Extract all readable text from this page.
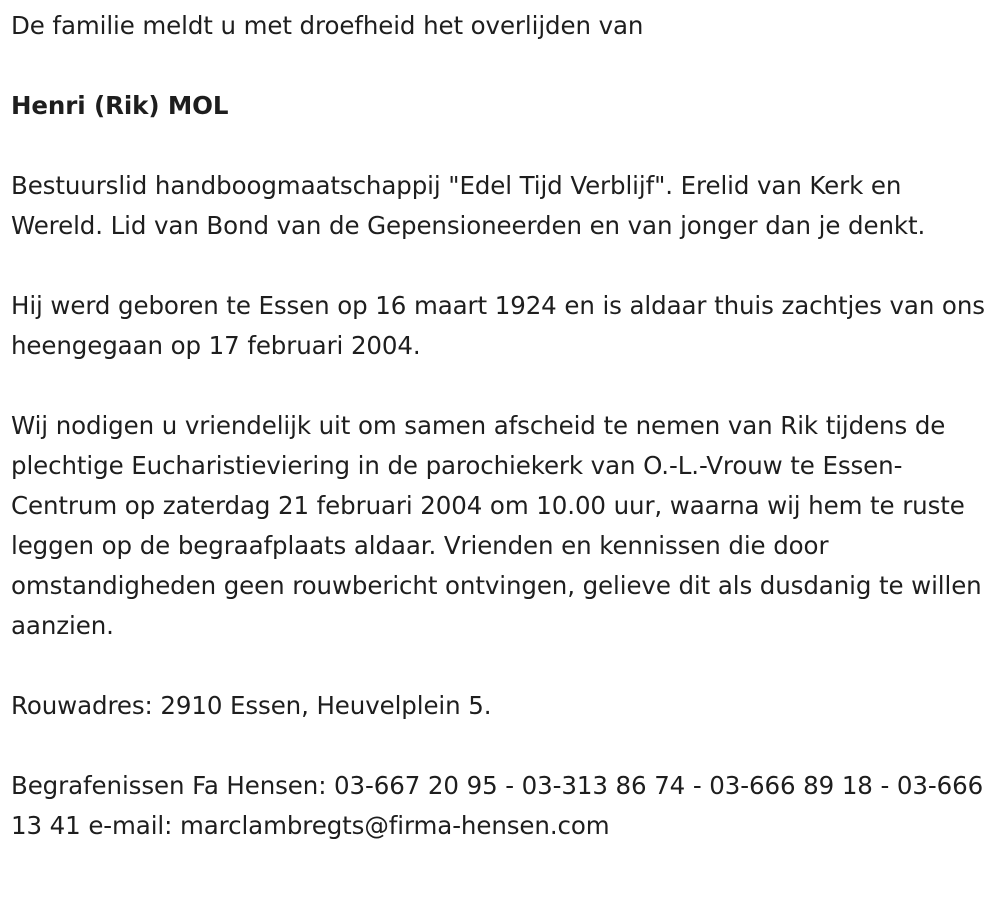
De familie meldt u met droefheid het overlijden van

Henri (Rik) MOL

Bestuurslid handboogmaatschappij "Edel Tijd Verblijf". Erelid van Kerk en Wereld. Lid van Bond van de Gepensioneerden en van jonger dan je denkt.

Hij werd geboren te Essen op 16 maart 1924 en is aldaar thuis zachtjes van ons heengegaan op 17 februari 2004.

Wij nodigen u vriendelijk uit om samen afscheid te nemen van Rik tijdens de plechtige Eucharistieviering in de parochiekerk van O.-L.-Vrouw te Essen-Centrum op zaterdag 21 februari 2004 om 10.00 uur, waarna wij hem te ruste leggen op de begraafplaats aldaar. Vrienden en kennissen die door omstandigheden geen rouwbericht ontvingen, gelieve dit als dusdanig te willen aanzien.

Rouwadres: 2910 Essen, Heuvelplein 5.

Begrafenissen Fa Hensen: 03-667 20 95 - 03-313 86 74 - 03-666 89 18 - 03-666 13 41 e-mail: marclambregts@firma-hensen.com
